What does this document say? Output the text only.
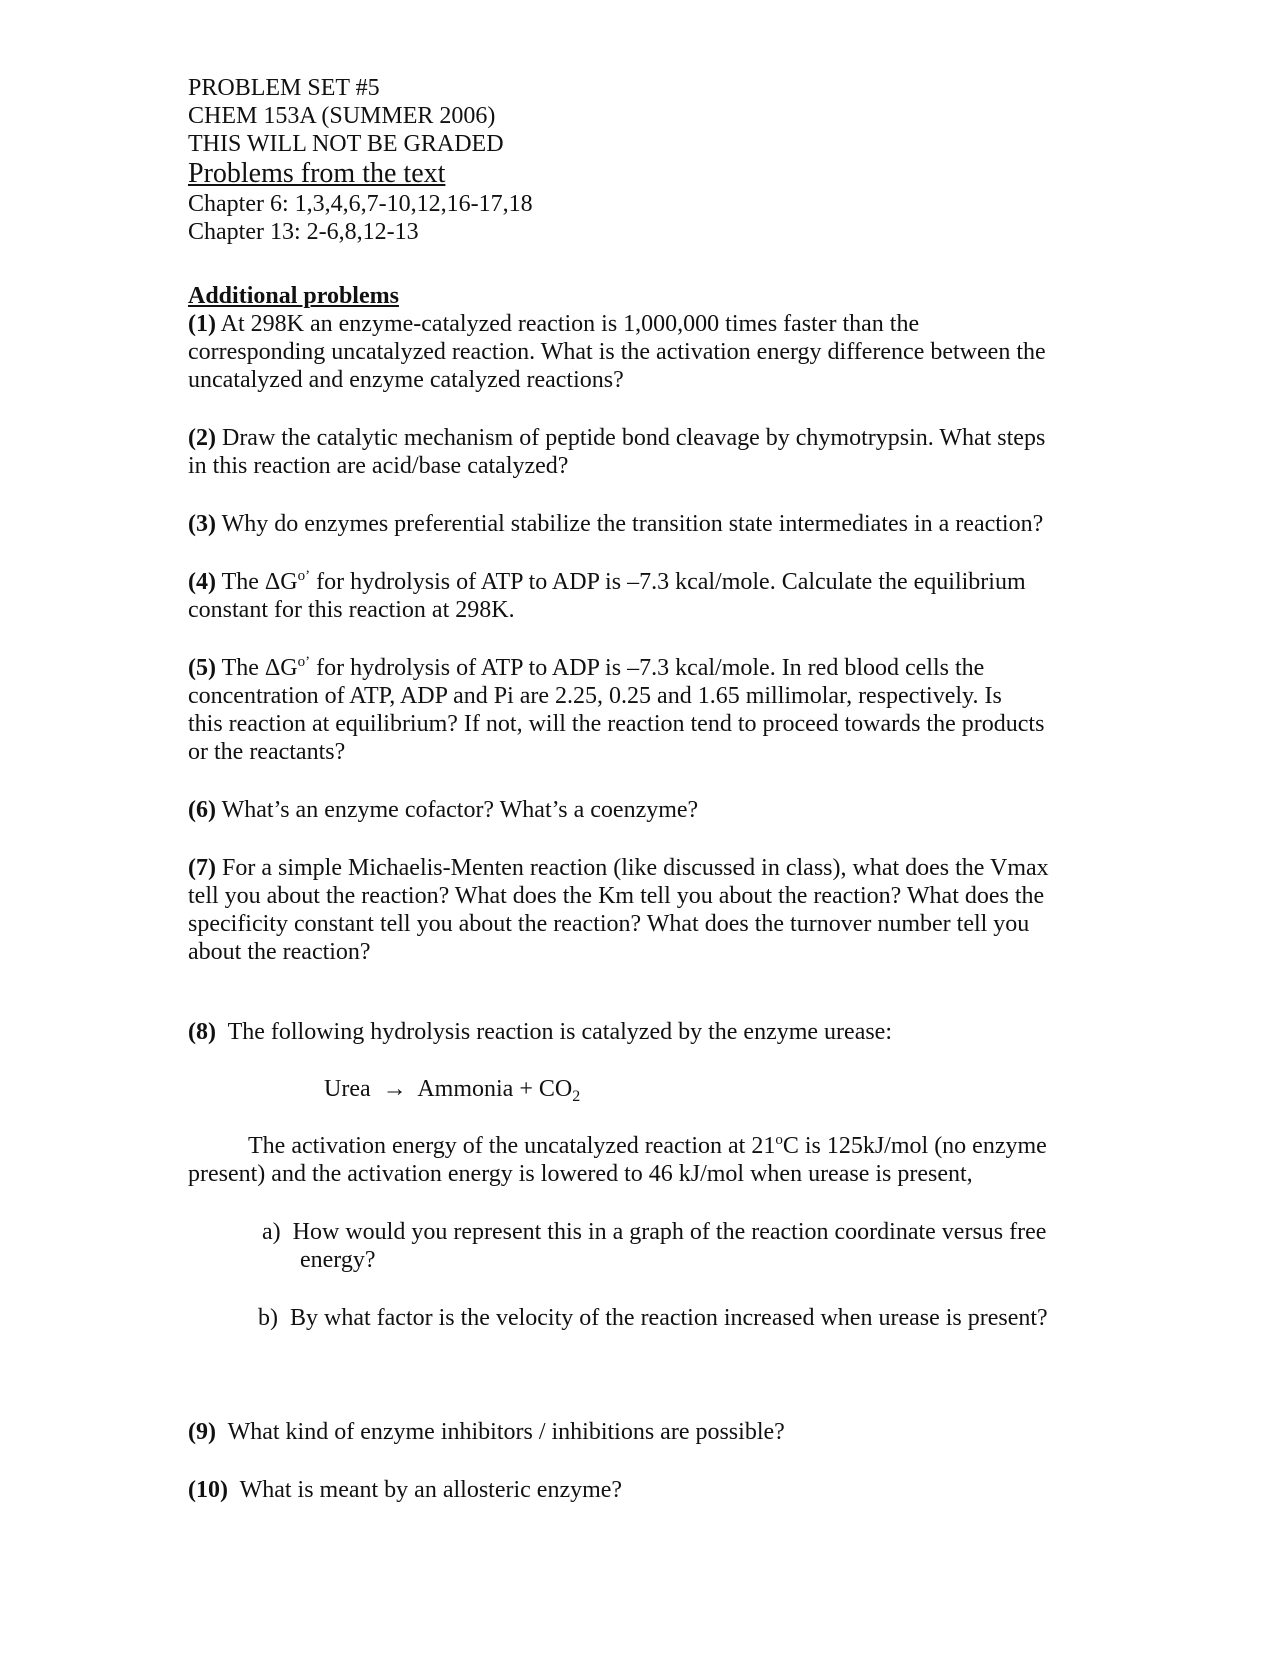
PROBLEM SET #5
CHEM 153A (SUMMER 2006)
THIS WILL NOT BE GRADED
Problems from the text
Chapter 6: 1,3,4,6,7-10,12,16-17,18
Chapter 13: 2-6,8,12-13
Additional problems
(1) At 298K an enzyme-catalyzed reaction is 1,000,000 times faster than the
corresponding uncatalyzed reaction. What is the activation energy difference between the
uncatalyzed and enzyme catalyzed reactions?
(2) Draw the catalytic mechanism of peptide bond cleavage by chymotrypsin. What steps
in this reaction are acid/base catalyzed?
(3) Why do enzymes preferential stabilize the transition state intermediates in a reaction?
(4) The $\Delta G^{o’}$ for hydrolysis of ATP to ADP is –7.3 kcal/mole. Calculate the equilibrium
constant for this reaction at 298K.
(5) The $\Delta G^{o’}$ for hydrolysis of ATP to ADP is –7.3 kcal/mole. In red blood cells the
concentration of ATP, ADP and Pi are 2.25, 0.25 and 1.65 millimolar, respectively. Is
this reaction at equilibrium? If not, will the reaction tend to proceed towards the products
or the reactants?
(6) What’s an enzyme cofactor? What’s a coenzyme?
(7) For a simple Michaelis-Menten reaction (like discussed in class), what does the Vmax
tell you about the reaction? What does the Km tell you about the reaction? What does the
specificity constant tell you about the reaction? What does the turnover number tell you
about the reaction?
(8) The following hydrolysis reaction is catalyzed by the enzyme urease:
Urea → Ammonia + $CO_2$
The activation energy of the uncatalyzed reaction at 21$^o$C is 125kJ/mol (no enzyme
present) and the activation energy is lowered to 46 kJ/mol when urease is present,
a) How would you represent this in a graph of the reaction coordinate versus free
energy?
b) By what factor is the velocity of the reaction increased when urease is present?
(9) What kind of enzyme inhibitors / inhibitions are possible?
(10) What is meant by an allosteric enzyme?
